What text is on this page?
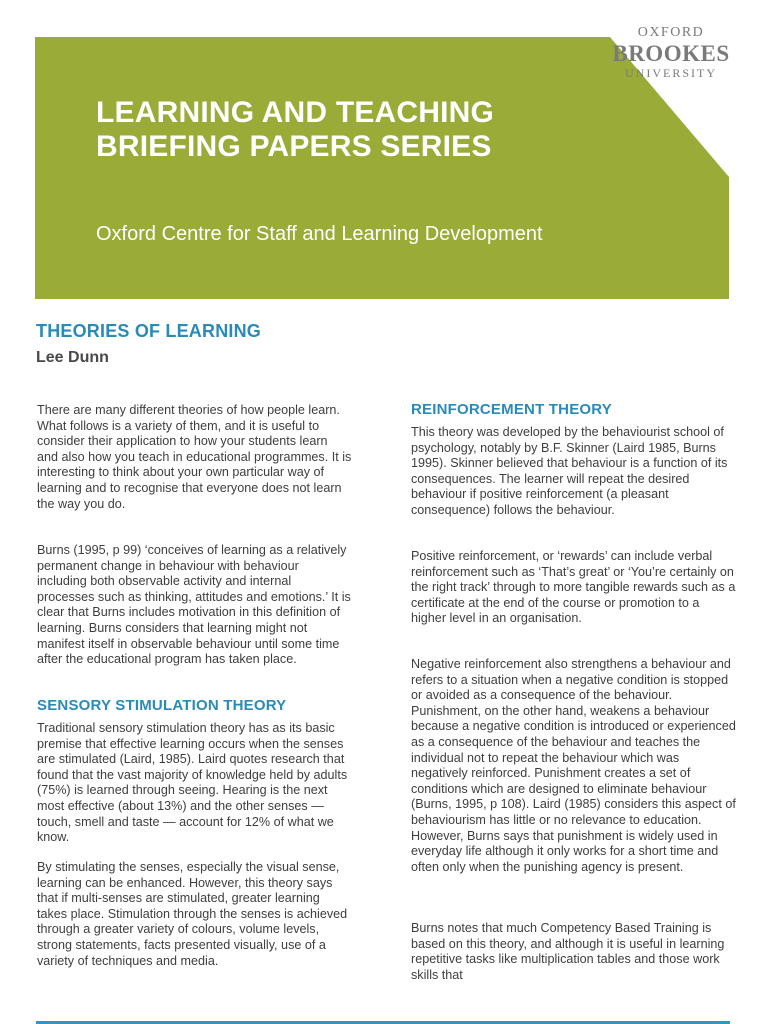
LEARNING AND TEACHING
BRIEFING PAPERS SERIES
Oxford Centre for Staff and Learning Development
OXFORD
BROOKES
UNIVERSITY
THEORIES OF LEARNING
Lee Dunn

There are many different theories of how people learn. What follows is a variety of them, and it is useful to consider their application to how your students learn and also how you teach in educational programmes. It is interesting to think about your own particular way of learning and to recognise that everyone does not learn the way you do.

Burns (1995, p 99) ‘conceives of learning as a relatively permanent change in behaviour with behaviour including both observable activity and internal processes such as thinking, attitudes and emotions.’ It is clear that Burns includes motivation in this definition of learning. Burns considers that learning might not manifest itself in observable behaviour until some time after the educational program has taken place.

SENSORY STIMULATION THEORY

Traditional sensory stimulation theory has as its basic premise that effective learning occurs when the senses are stimulated (Laird, 1985). Laird quotes research that found that the vast majority of knowledge held by adults (75%) is learned through seeing. Hearing is the next most effective (about 13%) and the other senses — touch, smell and taste — account for 12% of what we know.

By stimulating the senses, especially the visual sense, learning can be enhanced. However, this theory says that if multi-senses are stimulated, greater learning takes place. Stimulation through the senses is achieved through a greater variety of colours, volume levels, strong statements, facts presented visually, use of a variety of techniques and media.

REINFORCEMENT THEORY

This theory was developed by the behaviourist school of psychology, notably by B.F. Skinner (Laird 1985, Burns 1995). Skinner believed that behaviour is a function of its consequences. The learner will repeat the desired behaviour if positive reinforcement (a pleasant consequence) follows the behaviour.

Positive reinforcement, or ‘rewards’ can include verbal reinforcement such as ‘That’s great’ or ‘You’re certainly on the right track’ through to more tangible rewards such as a certificate at the end of the course or promotion to a higher level in an organisation.

Negative reinforcement also strengthens a behaviour and refers to a situation when a negative condition is stopped or avoided as a consequence of the behaviour. Punishment, on the other hand, weakens a behaviour because a negative condition is introduced or experienced as a consequence of the behaviour and teaches the individual not to repeat the behaviour which was negatively reinforced. Punishment creates a set of conditions which are designed to eliminate behaviour (Burns, 1995, p 108). Laird (1985) considers this aspect of behaviourism has little or no relevance to education. However, Burns says that punishment is widely used in everyday life although it only works for a short time and often only when the punishing agency is present.

Burns notes that much Competency Based Training is based on this theory, and although it is useful in learning repetitive tasks like multiplication tables and those work skills that
